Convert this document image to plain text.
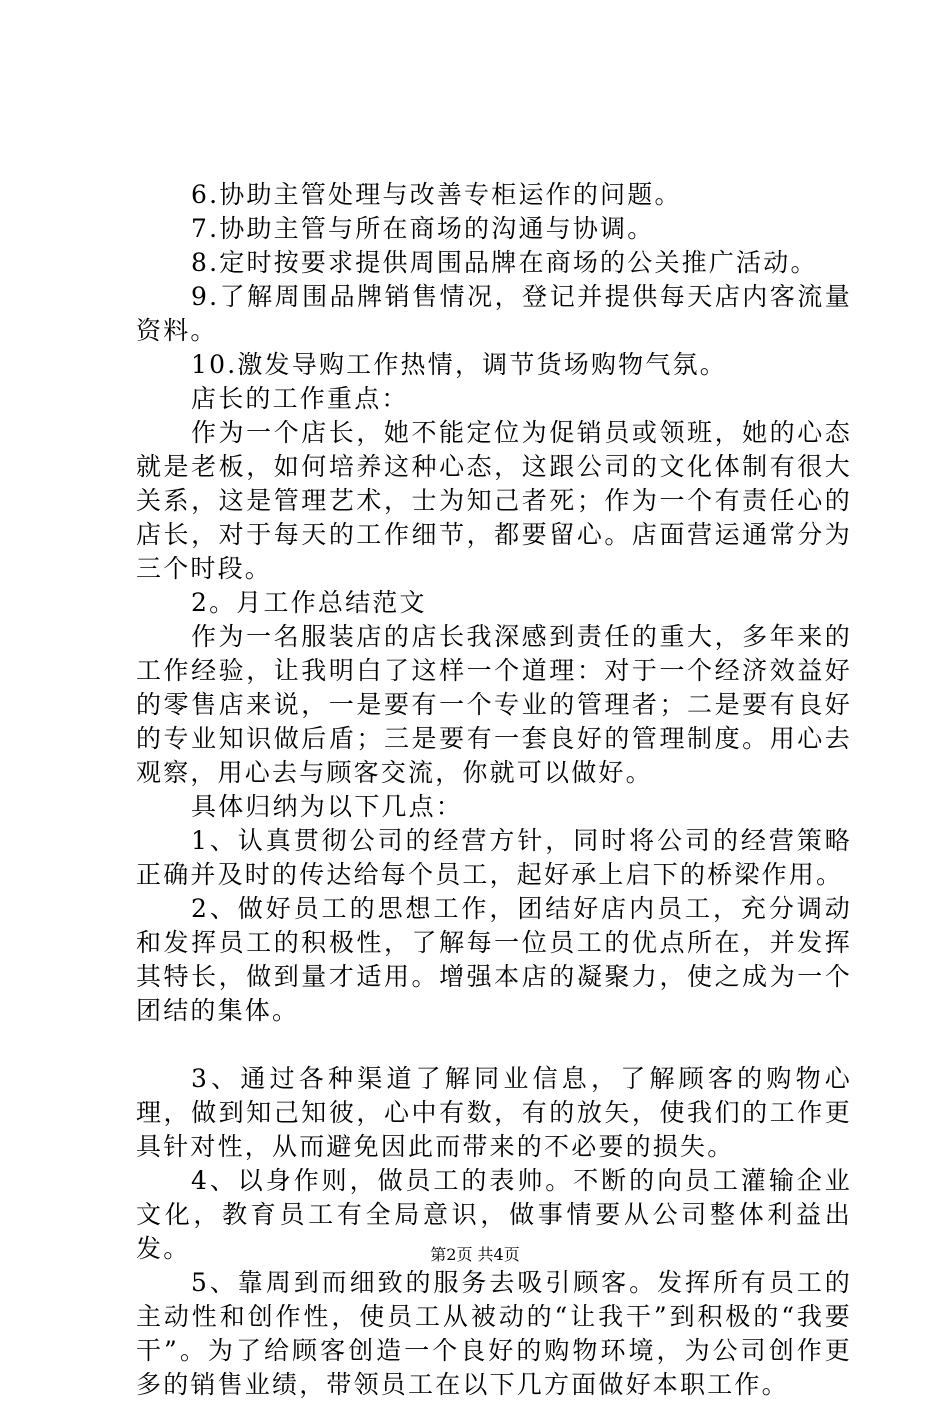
6.协助主管处理与改善专柜运作的问题。

7.协助主管与所在商场的沟通与协调。

8.定时按要求提供周围品牌在商场的公关推广活动。

9.了解周围品牌销售情况，登记并提供每天店内客流量资料。

10.激发导购工作热情，调节货场购物气氛。

店长的工作重点：

作为一个店长，她不能定位为促销员或领班，她的心态就是老板，如何培养这种心态，这跟公司的文化体制有很大关系，这是管理艺术，士为知己者死；作为一个有责任心的店长，对于每天的工作细节，都要留心。店面营运通常分为三个时段。

2。月工作总结范文

作为一名服装店的店长我深感到责任的重大，多年来的工作经验，让我明白了这样一个道理：对于一个经济效益好的零售店来说，一是要有一个专业的管理者；二是要有良好的专业知识做后盾；三是要有一套良好的管理制度。用心去观察，用心去与顾客交流，你就可以做好。

具体归纳为以下几点：

1、认真贯彻公司的经营方针，同时将公司的经营策略正确并及时的传达给每个员工，起好承上启下的桥梁作用。

2、做好员工的思想工作，团结好店内员工，充分调动和发挥员工的积极性，了解每一位员工的优点所在，并发挥其特长，做到量才适用。增强本店的凝聚力，使之成为一个团结的集体。

3、通过各种渠道了解同业信息，了解顾客的购物心理，做到知己知彼，心中有数，有的放矢，使我们的工作更具针对性，从而避免因此而带来的不必要的损失。

4、以身作则，做员工的表帅。不断的向员工灌输企业文化，教育员工有全局意识，做事情要从公司整体利益出发。

5、靠周到而细致的服务去吸引顾客。发挥所有员工的主动性和创作性，使员工从被动的“让我干”到积极的“我要干”。为了给顾客创造一个良好的购物环境，为公司创作更多的销售业绩，带领员工在以下几方面做好本职工作。

第2页 共4页
